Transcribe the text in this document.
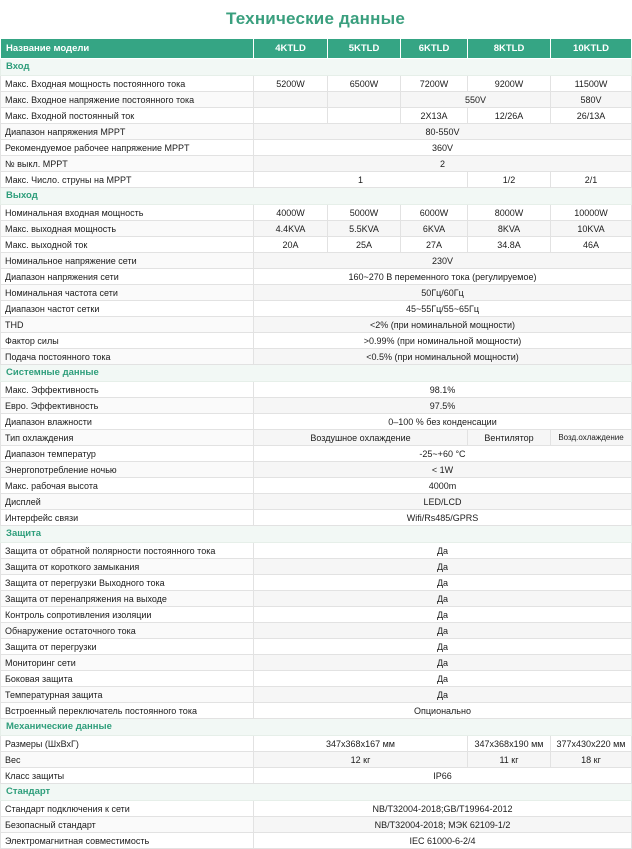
Технические данные
Название модели	4KTLD	5KTLD	6KTLD	8KTLD	10KTLD
Вход					
Макс. Входная мощность постоянного тока	5200W	6500W	7200W	9200W	11500W
Макс. Входное напряжение постоянного тока			550V		580V
Макс. Входной постоянный ток			2X13A	12/26A	26/13A
Диапазон напряжения MPPT	80-550V				
Рекомендуемое рабочее напряжение MPPT	360V				
№ выкл. MPPT	2				
Макс. Число. струны на MPPT	1			1/2	2/1
Выход					
Номинальная входная мощность	4000W	5000W	6000W	8000W	10000W
Макс. выходная мощность	4.4KVA	5.5KVA	6KVA	8KVA	10KVA
Макс. выходной ток	20A	25A	27A	34.8A	46A
Номинальное напряжение сети	230V				
Диапазон напряжения сети	160~270 В переменного тока (регулируемое)				
Номинальная частота сети	50Гц/60Гц				
Диапазон частот сетки	45~55Гц/55~65Гц				
THD	<2% (при номинальной мощности)				
Фактор силы	>0.99% (при номинальной мощности)				
Подача постоянного тока	<0.5% (при номинальной мощности)				
Системные данные					
Макс. Эффективность	98.1%				
Евро. Эффективность	97.5%				
Диапазон влажности	0–100 % без конденсации				
Тип охлаждения	Воздушное охлаждение			Вентилятор	Возд.охлаждение
Диапазон температур	-25~+60 °C				
Энергопотребление ночью	< 1W				
Макс. рабочая высота	4000m				
Дисплей	LED/LCD				
Интерфейс связи	Wifi/Rs485/GPRS				
Защита					
Защита от обратной полярности постоянного тока	Да				
Защита от короткого замыкания	Да				
Защита от перегрузки Выходного тока	Да				
Защита от перенапряжения на выходе	Да				
Контроль сопротивления изоляции	Да				
Обнаружение остаточного тока	Да				
Защита от перегрузки	Да				
Мониторинг сети	Да				
Боковая защита	Да				
Температурная защита	Да				
Встроенный переключатель постоянного тока	Опционально				
Механические данные					
Размеры (ШхВхГ)	347x368x167 мм			347x368x190 мм	377x430x220 мм
Вес	12 кг			11 кг	18 кг
Класс защиты	IP66				
Стандарт					
Стандарт подключения к сети	NB/T32004-2018;GB/T19964-2012				
Безопасный стандарт	NB/T32004-2018; МЭК 62109-1/2				
Электромагнитная совместимость	IEC 61000-6-2/4				
